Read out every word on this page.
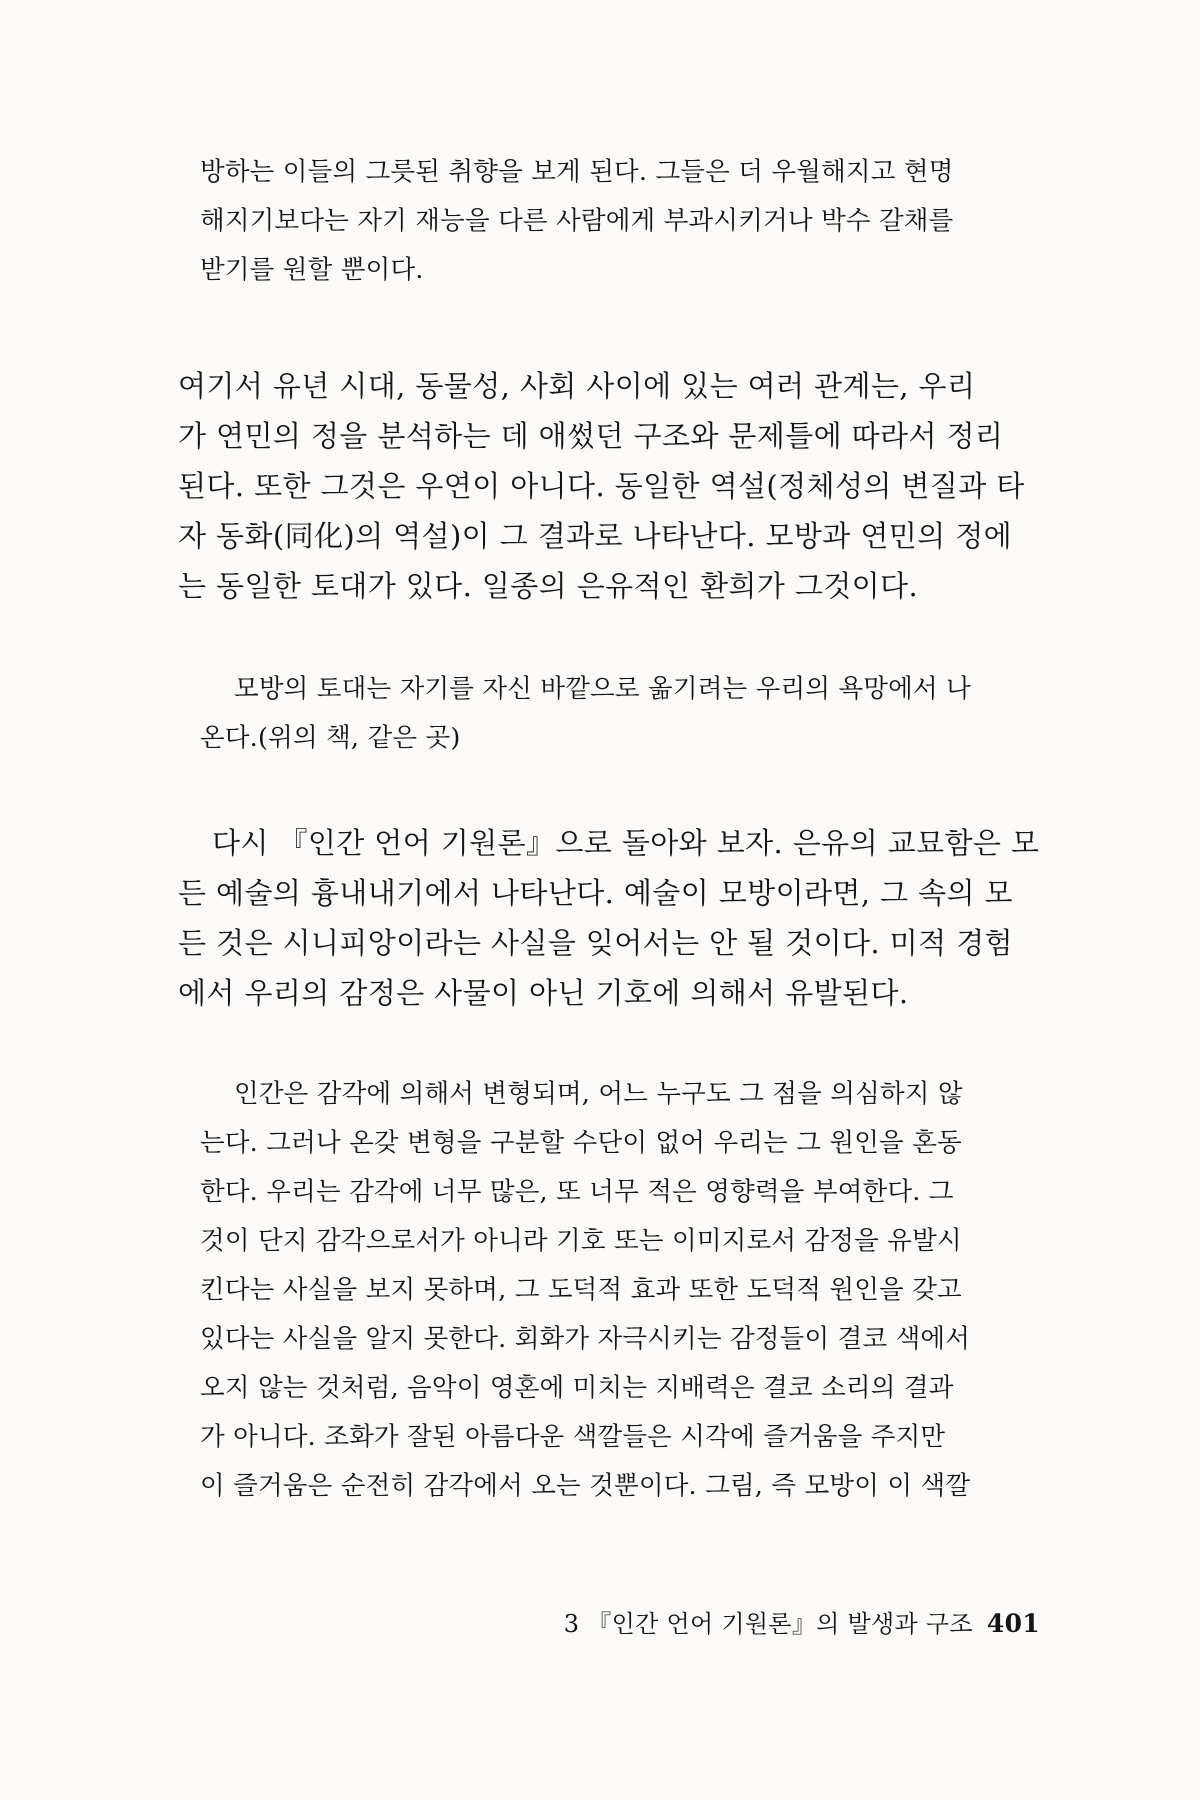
방하는 이들의 그릇된 취향을 보게 된다. 그들은 더 우월해지고 현명
해지기보다는 자기 재능을 다른 사람에게 부과시키거나 박수 갈채를
받기를 원할 뿐이다.
여기서 유년 시대, 동물성, 사회 사이에 있는 여러 관계는, 우리
가 연민의 정을 분석하는 데 애썼던 구조와 문제틀에 따라서 정리
된다. 또한 그것은 우연이 아니다. 동일한 역설(정체성의 변질과 타
자 동화(同化)의 역설)이 그 결과로 나타난다. 모방과 연민의 정에
는 동일한 토대가 있다. 일종의 은유적인 환희가 그것이다.
모방의 토대는 자기를 자신 바깥으로 옮기려는 우리의 욕망에서 나
온다.(위의 책, 같은 곳)
다시 『인간 언어 기원론』으로 돌아와 보자. 은유의 교묘함은 모
든 예술의 흉내내기에서 나타난다. 예술이 모방이라면, 그 속의 모
든 것은 시니피앙이라는 사실을 잊어서는 안 될 것이다. 미적 경험
에서 우리의 감정은 사물이 아닌 기호에 의해서 유발된다.
인간은 감각에 의해서 변형되며, 어느 누구도 그 점을 의심하지 않
는다. 그러나 온갖 변형을 구분할 수단이 없어 우리는 그 원인을 혼동
한다. 우리는 감각에 너무 많은, 또 너무 적은 영향력을 부여한다. 그
것이 단지 감각으로서가 아니라 기호 또는 이미지로서 감정을 유발시
킨다는 사실을 보지 못하며, 그 도덕적 효과 또한 도덕적 원인을 갖고
있다는 사실을 알지 못한다. 회화가 자극시키는 감정들이 결코 색에서
오지 않는 것처럼, 음악이 영혼에 미치는 지배력은 결코 소리의 결과
가 아니다. 조화가 잘된 아름다운 색깔들은 시각에 즐거움을 주지만
이 즐거움은 순전히 감각에서 오는 것뿐이다. 그림, 즉 모방이 이 색깔
3 『인간 언어 기원론』의 발생과 구조 401
